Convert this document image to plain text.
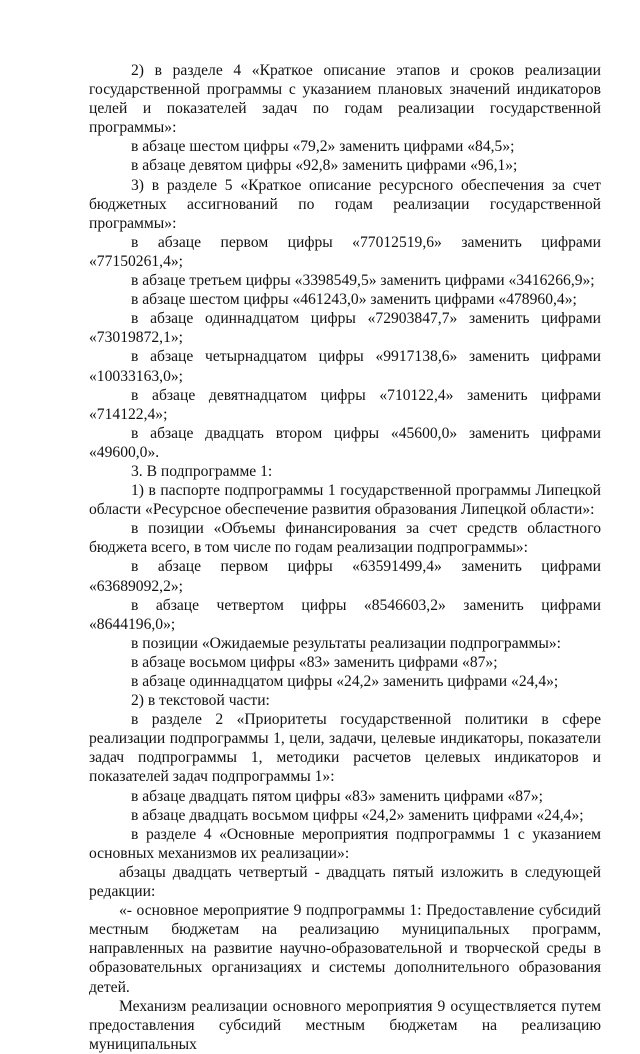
2) в разделе 4 «Краткое описание этапов и сроков реализации государственной программы с указанием плановых значений индикаторов целей и показателей задач по годам реализации государственной программы»:

в абзаце шестом цифры «79,2» заменить цифрами «84,5»;

в абзаце девятом цифры «92,8» заменить цифрами «96,1»;

3) в разделе 5 «Краткое описание ресурсного обеспечения за счет бюджетных ассигнований по годам реализации государственной программы»:

в абзаце первом цифры «77012519,6» заменить цифрами «77150261,4»;

в абзаце третьем цифры «3398549,5» заменить цифрами «3416266,9»;

в абзаце шестом цифры «461243,0» заменить цифрами «478960,4»;

в абзаце одиннадцатом цифры «72903847,7» заменить цифрами «73019872,1»;

в абзаце четырнадцатом цифры «9917138,6» заменить цифрами «10033163,0»;

в абзаце девятнадцатом цифры «710122,4» заменить цифрами «714122,4»;

в абзаце двадцать втором цифры «45600,0» заменить цифрами «49600,0».

3. В подпрограмме 1:

1) в паспорте подпрограммы 1 государственной программы Липецкой области «Ресурсное обеспечение развития образования Липецкой области»:

в позиции «Объемы финансирования за счет средств областного бюджета всего, в том числе по годам реализации подпрограммы»:

в абзаце первом цифры «63591499,4» заменить цифрами «63689092,2»;

в абзаце четвертом цифры «8546603,2» заменить цифрами «8644196,0»;

в позиции «Ожидаемые результаты реализации подпрограммы»:

в абзаце восьмом цифры «83» заменить цифрами «87»;

в абзаце одиннадцатом цифры «24,2» заменить цифрами «24,4»;

2) в текстовой части:

в разделе 2 «Приоритеты государственной политики в сфере реализации подпрограммы 1, цели, задачи, целевые индикаторы, показатели задач подпрограммы 1, методики расчетов целевых индикаторов и показателей задач подпрограммы 1»:

в абзаце двадцать пятом цифры «83» заменить цифрами «87»;

в абзаце двадцать восьмом цифры «24,2» заменить цифрами «24,4»;

в разделе 4 «Основные мероприятия подпрограммы 1 с указанием основных механизмов их реализации»:

абзацы двадцать четвертый - двадцать пятый изложить в следующей редакции:

«- основное мероприятие 9 подпрограммы 1: Предоставление субсидий местным бюджетам на реализацию муниципальных программ, направленных на развитие научно-образовательной и творческой среды в образовательных организациях и системы дополнительного образования детей.

Механизм реализации основного мероприятия 9 осуществляется путем предоставления субсидий местным бюджетам на реализацию муниципальных
